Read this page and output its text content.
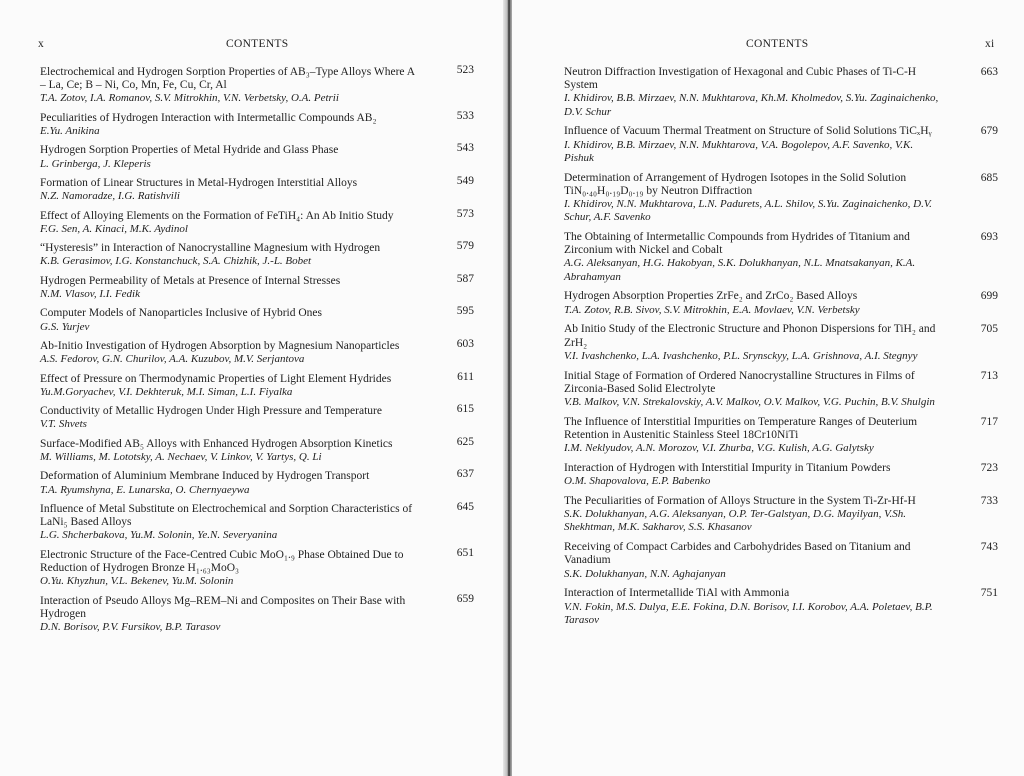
x	CONTENTS
Electrochemical and Hydrogen Sorption Properties of AB₃–Type Alloys Where A – La, Ce; B – Ni, Co, Mn, Fe, Cu, Cr, Al
T.A. Zotov, I.A. Romanov, S.V. Mitrokhin, V.N. Verbetsky, O.A. Petrii
523
Peculiarities of Hydrogen Interaction with Intermetallic Compounds AB₂
E.Yu. Anikina
533
Hydrogen Sorption Properties of Metal Hydride and Glass Phase
L. Grinberga, J. Kleperis
543
Formation of Linear Structures in Metal-Hydrogen Interstitial Alloys
N.Z. Namoradze, I.G. Ratishvili
549
Effect of Alloying Elements on the Formation of FeTiH₄: An Ab Initio Study
F.G. Sen, A. Kinaci, M.K. Aydinol
573
“Hysteresis” in Interaction of Nanocrystalline Magnesium with Hydrogen
K.B. Gerasimov, I.G. Konstanchuck, S.A. Chizhik, J.-L. Bobet
579
Hydrogen Permeability of Metals at Presence of Internal Stresses
N.M. Vlasov, I.I. Fedik
587
Computer Models of Nanoparticles Inclusive of Hybrid Ones
G.S. Yurjev
595
Ab-Initio Investigation of Hydrogen Absorption by Magnesium Nanoparticles
A.S. Fedorov, G.N. Churilov, A.A. Kuzubov, M.V. Serjantova
603
Effect of Pressure on Thermodynamic Properties of Light Element Hydrides
Yu.M.Goryachev, V.I. Dekhteruk, M.I. Siman, L.I. Fiyalka
611
Conductivity of Metallic Hydrogen Under High Pressure and Temperature
V.T. Shvets
615
Surface-Modified AB₅ Alloys with Enhanced Hydrogen Absorption Kinetics
M. Williams, M. Lototsky, A. Nechaev, V. Linkov, V. Yartys, Q. Li
625
Deformation of Aluminium Membrane Induced by Hydrogen Transport
T.A. Ryumshyna, E. Lunarska, O. Chernyaeywa
637
Influence of Metal Substitute on Electrochemical and Sorption Characteristics of LaNi₅ Based Alloys
L.G. Shcherbakova, Yu.M. Solonin, Ye.N. Severyanina
645
Electronic Structure of the Face-Centred Cubic MoO₁.₉ Phase Obtained Due to Reduction of Hydrogen Bronze H₁.₆₃MoO₃
O.Yu. Khyzhun, V.L. Bekenev, Yu.M. Solonin
651
Interaction of Pseudo Alloys Mg–REM–Ni and Composites on Their Base with Hydrogen
D.N. Borisov, P.V. Fursikov, B.P. Tarasov
659
CONTENTS	xi
Neutron Diffraction Investigation of Hexagonal and Cubic Phases of Ti-C-H System
I. Khidirov, B.B. Mirzaev, N.N. Mukhtarova, Kh.M. Kholmedov, S.Yu. Zaginaichenko, D.V. Schur
663
Influence of Vacuum Thermal Treatment on Structure of Solid Solutions TiCₓHᵧ
I. Khidirov, B.B. Mirzaev, N.N. Mukhtarova, V.A. Bogolepov, A.F. Savenko, V.K. Pishuk
679
Determination of Arrangement of Hydrogen Isotopes in the Solid Solution TiN₀.₄₀H₀.₁₉D₀.₁₉ by Neutron Diffraction
I. Khidirov, N.N. Mukhtarova, L.N. Padurets, A.L. Shilov, S.Yu. Zaginaichenko, D.V. Schur, A.F. Savenko
685
The Obtaining of Intermetallic Compounds from Hydrides of Titanium and Zirconium with Nickel and Cobalt
A.G. Aleksanyan, H.G. Hakobyan, S.K. Dolukhanyan, N.L. Mnatsakanyan, K.A. Abrahamyan
693
Hydrogen Absorption Properties ZrFe₂ and ZrCo₂ Based Alloys
T.A. Zotov, R.B. Sivov, S.V. Mitrokhin, E.A. Movlaev, V.N. Verbetsky
699
Ab Initio Study of the Electronic Structure and Phonon Dispersions for TiH₂ and ZrH₂
V.I. Ivashchenko, L.A. Ivashchenko, P.L. Srynsckyy, L.A. Grishnova, A.I. Stegnyy
705
Initial Stage of Formation of Ordered Nanocrystalline Structures in Films of Zirconia-Based Solid Electrolyte
V.B. Malkov, V.N. Strekalovskiy, A.V. Malkov, O.V. Malkov, V.G. Puchin, B.V. Shulgin
713
The Influence of Interstitial Impurities on Temperature Ranges of Deuterium Retention in Austenitic Stainless Steel 18Cr10NiTi
I.M. Neklyudov, A.N. Morozov, V.I. Zhurba, V.G. Kulish, A.G. Galytsky
717
Interaction of Hydrogen with Interstitial Impurity in Titanium Powders
O.M. Shapovalova, E.P. Babenko
723
The Peculiarities of Formation of Alloys Structure in the System Ti-Zr-Hf-H
S.K. Dolukhanyan, A.G. Aleksanyan, O.P. Ter-Galstyan, D.G. Mayilyan, V.Sh. Shekhtman, M.K. Sakharov, S.S. Khasanov
733
Receiving of Compact Carbides and Carbohydrides Based on Titanium and Vanadium
S.K. Dolukhanyan, N.N. Aghajanyan
743
Interaction of Intermetallide TiAl with Ammonia
V.N. Fokin, M.S. Dulya, E.E. Fokina, D.N. Borisov, I.I. Korobov, A.A. Poletaev, B.P. Tarasov
751
